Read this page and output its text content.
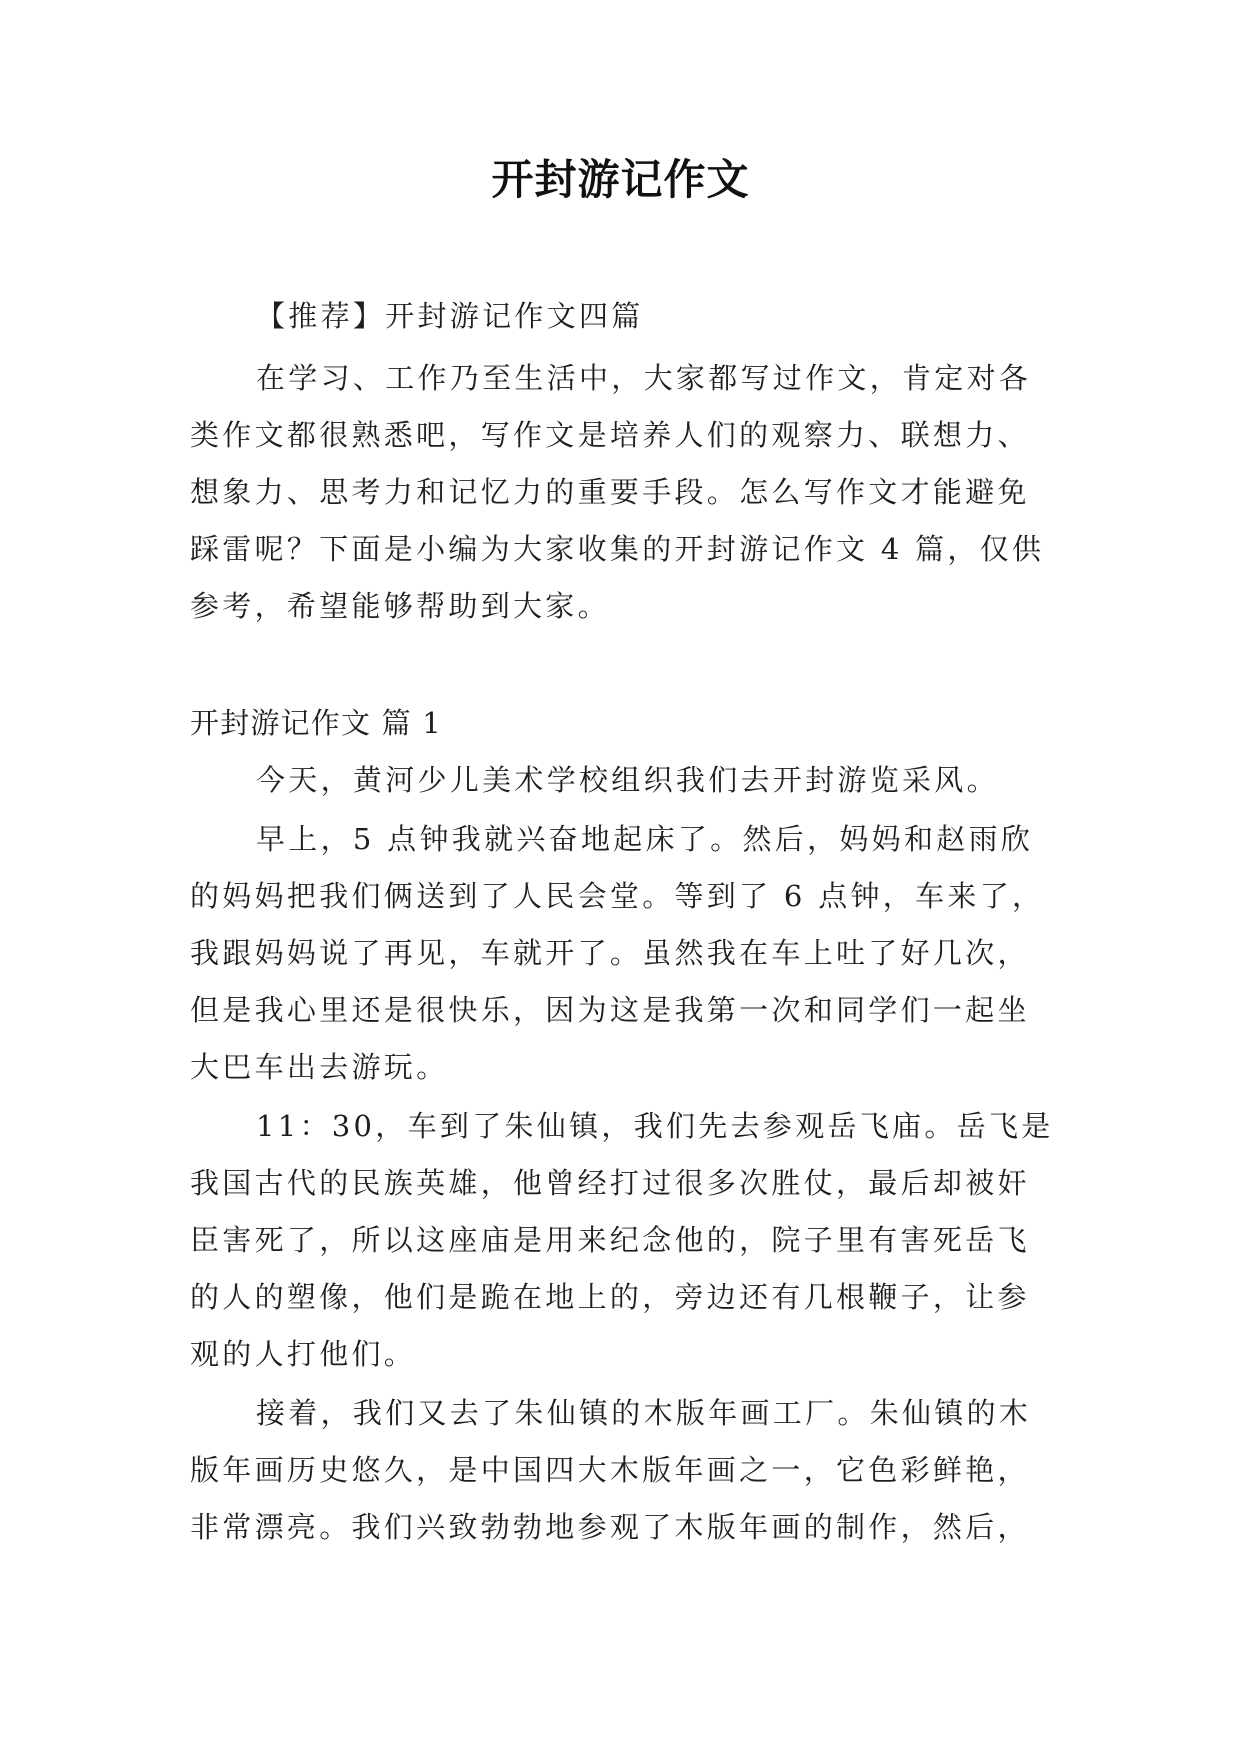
开封游记作文
【推荐】开封游记作文四篇
在学习、工作乃至生活中，大家都写过作文，肯定对各
类作文都很熟悉吧，写作文是培养人们的观察力、联想力、
想象力、思考力和记忆力的重要手段。怎么写作文才能避免
踩雷呢？下面是小编为大家收集的开封游记作文 4 篇，仅供
参考，希望能够帮助到大家。
开封游记作文 篇 1
今天，黄河少儿美术学校组织我们去开封游览采风。
早上，5 点钟我就兴奋地起床了。然后，妈妈和赵雨欣
的妈妈把我们俩送到了人民会堂。等到了 6 点钟，车来了，
我跟妈妈说了再见，车就开了。虽然我在车上吐了好几次，
但是我心里还是很快乐，因为这是我第一次和同学们一起坐
大巴车出去游玩。
11：30，车到了朱仙镇，我们先去参观岳飞庙。岳飞是
我国古代的民族英雄，他曾经打过很多次胜仗，最后却被奸
臣害死了，所以这座庙是用来纪念他的，院子里有害死岳飞
的人的塑像，他们是跪在地上的，旁边还有几根鞭子，让参
观的人打他们。
接着，我们又去了朱仙镇的木版年画工厂。朱仙镇的木
版年画历史悠久，是中国四大木版年画之一，它色彩鲜艳，
非常漂亮。我们兴致勃勃地参观了木版年画的制作，然后，
